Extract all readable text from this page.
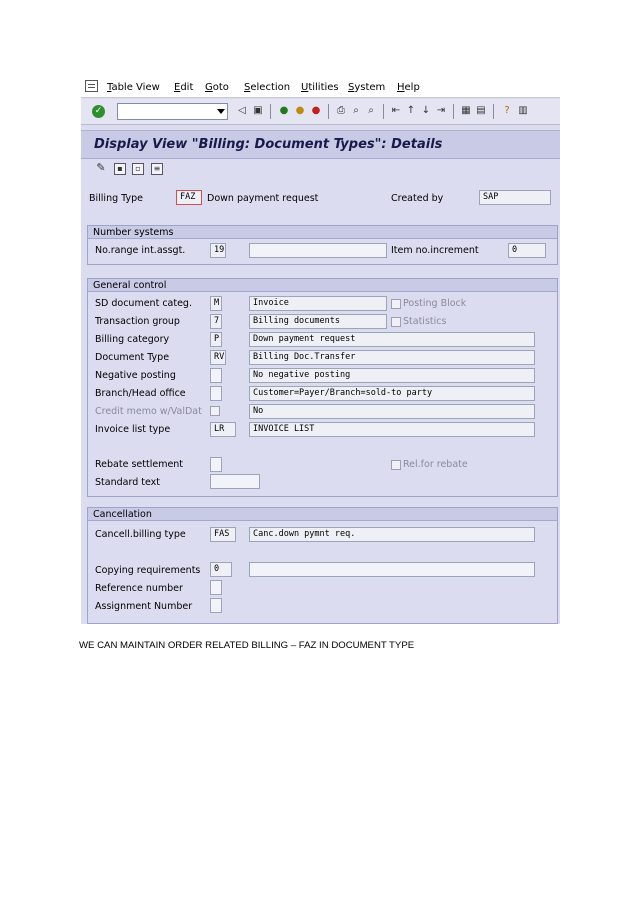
Table View Edit Goto Selection Utilities System Help
✓	◁ ▣ ● ● ● ⎙ ⌕ ⌕	⇤ ↑ ↓ ⇥ ▦ ▤	? ▥
Display View "Billing: Document Types": Details
✎	▪	▫	≡
Billing Type	FAZ	Down payment request	Created by	SAP
Number systems
No.range int.assgt.	19	Item no.increment	0
General control
SD document categ.	M	Invoice	Posting Block
Transaction group	7	Billing documents	Statistics
Billing category	P	Down payment request
Document Type	RV	Billing Doc.Transfer
Negative posting	No negative posting
Branch/Head office	Customer=Payer/Branch=sold-to party
Credit memo w/ValDat	No
Invoice list type	LR	INVOICE LIST
Rebate settlement	Rel.for rebate
Standard text
Cancellation
Cancell.billing type	FAS	Canc.down pymnt req.
Copying requirements	0
Reference number
Assignment Number
WE CAN MAINTAIN ORDER RELATED BILLING – FAZ IN DOCUMENT TYPE
